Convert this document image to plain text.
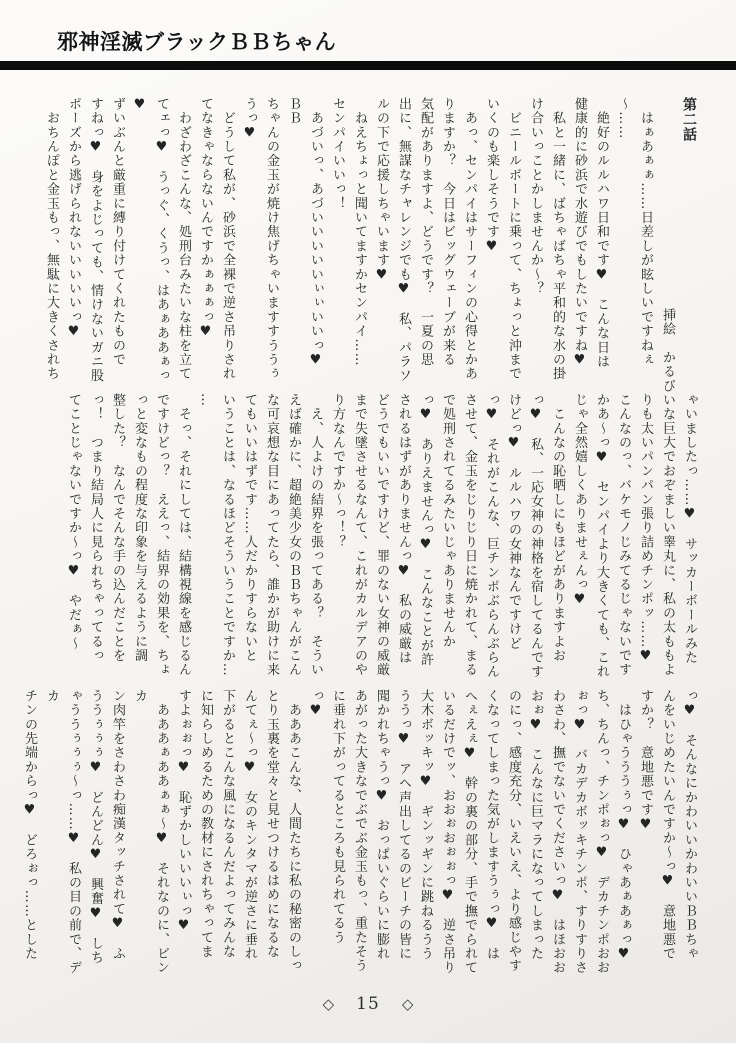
邪神淫滅ブラックＢＢちゃん
第二話
挿絵　かるび
　はぁあぁぁ……日差しが眩しいですねぇ
〜……
　絶好のルルハワ日和です♥　こんな日は
健康的に砂浜で水遊びでもしたいですね♥
　私と一緒に、ばちゃばちゃ平和的な水の掛
け合いっことかしませんか〜？
　ビニールボートに乗って、ちょっと沖まで
いくのも楽しそうです♥
　あっ、センパイはサーフィンの心得とかあ
りますか？　今日はビッグウェーブが来る
気配がありますよ、どうです？　一夏の思
出に、無謀なチャレンジでも♥　私、パラソ
ルの下で応援しちゃいます♥
　ねえちょっと聞いてますかセンパイ……
センパイいいっ！
　あづいっ、あづいいいいいぃぃいいっ♥　ＢＢ
ちゃんの金玉が焼け焦げちゃいますすううぅ
うっ♥
　どうして私が、砂浜で全裸で逆さ吊りされ
てなきゃならないんですかぁぁぁっ♥
　わざわざこんな、処刑台みたいな柱を立て
てェっ♥　うっぐ、くうっ、はあぁああぁっ♥
ずいぶんと厳重に縛り付けてくれたもので
すねっ♥　身をよじっても、情けないガニ股
ポーズから逃げられないいいいいっ♥
　おちんぽと金玉もっ、無駄に大きくされち
ゃいましたっ……♥　サッカーボールみた
いな巨大でおぞましい睾丸に、私の太ももよ
りも太いパンパン張り詰めチンポッ……♥
こんなのっ、バケモノじみてるじゃないです
かあ〜っ♥　センパイより大きくても、これ
じゃ全然嬉しくありませぇんっ♥
　こんなの恥晒しにもほどがありますよお
っ♥　私、一応女神の神格を宿してるんです
けどっ♥　ルルハワの女神なんですけど
っ♥　それがこんな、巨チンポぶらんぶらん
させて、金玉をじりじり日に焼かれて、まる
で処刑されてるみたいじゃありませんか
っ♥　ありえませんっ♥　こんなことが許
されるはずがありませんっ♥　私の威厳は
どうでもいいですけど、罪のない女神の威厳
まで失墜させるなんて、これがカルデアのや
り方なんですか〜っ！？
　え、人よけの結界を張ってある？　そうい
えば確かに、超絶美少女のＢＢちゃんがこん
な可哀想な目にあってたら、誰かが助けに来
てもいいはずです……人だかりすらないと
いうことは、なるほどそういうことですか…
…
　そっ、それにしては、結構視線を感じるん
ですけどっ？　ええっ、結界の効果を、ちょ
っと変なもの程度な印象を与えるように調
整した？　なんでそんな手の込んだことを
っ！　つまり結局人に見られちゃってるっ
てことじゃないですか〜っ♥　やだぁ〜
っ♥　そんなにかわいいかわいいＢＢちゃ
んをいじめたいんですか〜っ♥　意地悪で
すか？　意地悪です♥
　はひゃうううぅっ♥　ひゃあぁあぁっ♥
ち、ちんっ、チンポぉっ♥　デカチンポおお
ぉっ♥　バカデカボッキチンポ、すりすりさ
わさわ、撫でないでくださいっ♥　はほおお
おぉ♥　こんなに巨マラになってしまった
のにっ、感度充分、いえいえ、より感じやす
くなってしまった気がしますうぅっ♥　は
へぇえぇ♥　幹の裏の部分、手で撫でられて
いるだけでッ、おおぉおぉぉっ♥　逆さ吊り
大木ボッキッ♥　ギンッギンに跳ねるうう
ううっ♥　アヘ声出してるのビーチの皆に
聞かれちゃうっ♥　おっぱいぐらいに膨れ
あがった大きなでぶでぶ金玉もっ、重たそう
に垂れ下がってるところも見られてるう
っ♥
　あああこんな、人間たちに私の秘密のしっ
とり玉裏を堂々と見せつけるはめになるな
んてぇ〜っ♥　女のキンタマが逆さに垂れ
下がるとこんな風になるんだよってみんな
に知らしめるための教材にされちゃってま
すよぉぉっ♥　恥ずかしいいいぃっ♥
　あああぁああぁぁ〜♥　それなのに、ビンカ
ン肉竿をさわさわ痴漢タッチされて♥　ふ
ううぅぅぅ♥　どんどん♥　興奮♥　しち
ゃううぅぅぅ〜っ……♥　私の目の前で、デカ
チンの先端からっ♥　どろぉっ……とした
◇ 15 ◇
